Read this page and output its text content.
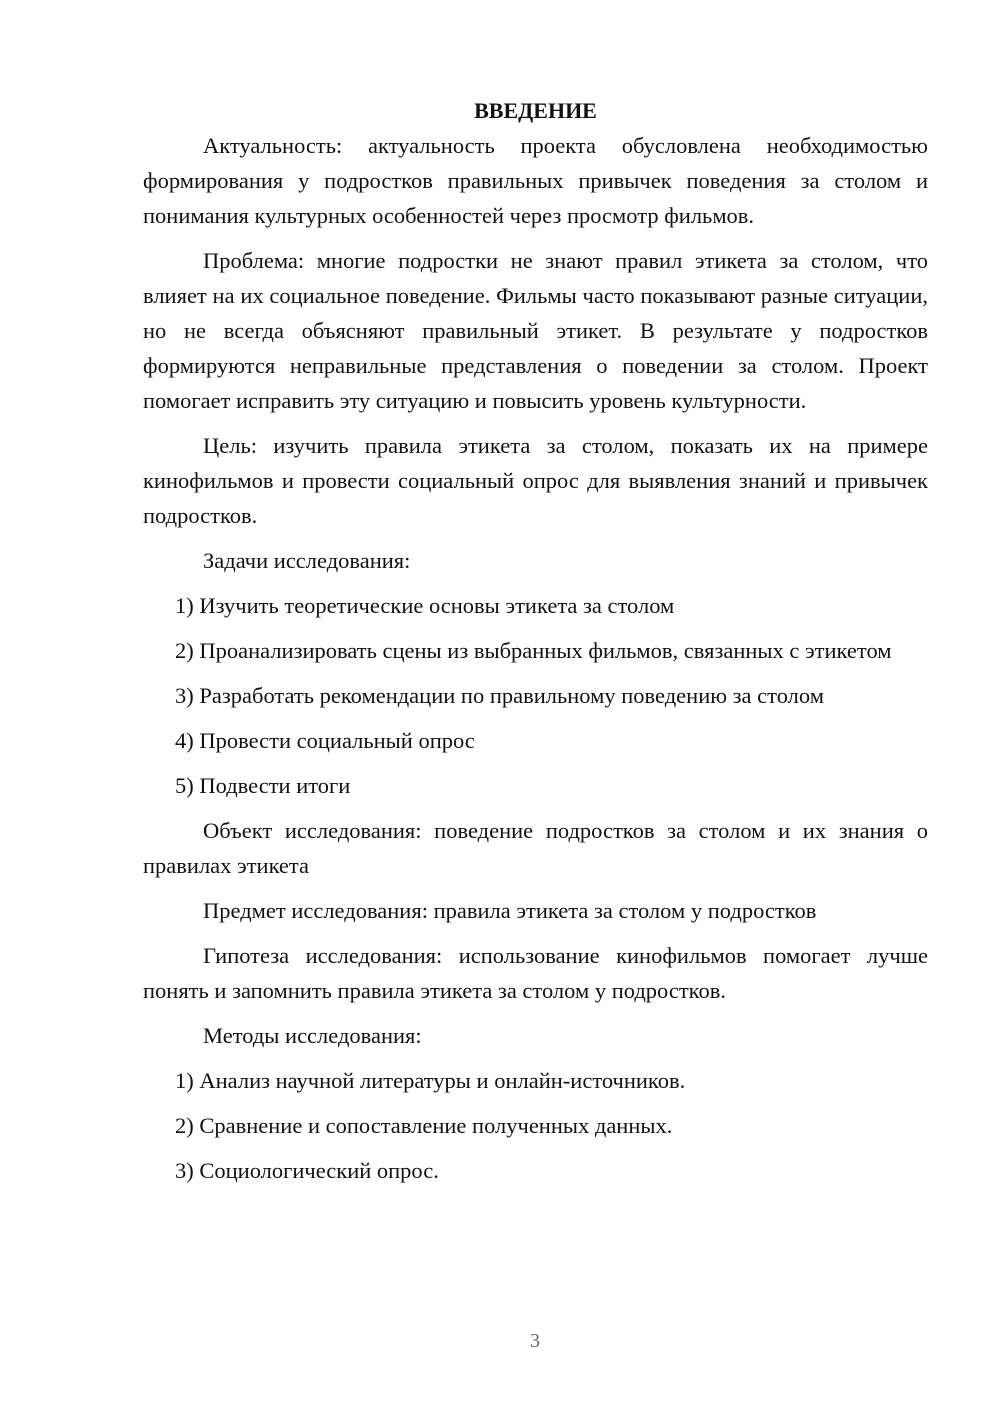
ВВЕДЕНИЕ

Актуальность: актуальность проекта обусловлена необходимостью формирования у подростков правильных привычек поведения за столом и понимания культурных особенностей через просмотр фильмов.

Проблема: многие подростки не знают правил этикета за столом, что влияет на их социальное поведение. Фильмы часто показывают разные ситуации, но не всегда объясняют правильный этикет. В результате у подростков формируются неправильные представления о поведении за столом. Проект помогает исправить эту ситуацию и повысить уровень культурности.

Цель: изучить правила этикета за столом, показать их на примере кинофильмов и провести социальный опрос для выявления знаний и привычек подростков.

Задачи исследования:

1) Изучить теоретические основы этикета за столом

2) Проанализировать сцены из выбранных фильмов, связанных с этикетом

3) Разработать рекомендации по правильному поведению за столом

4) Провести социальный опрос

5) Подвести итоги

Объект исследования: поведение подростков за столом и их знания о правилах этикета

Предмет исследования: правила этикета за столом у подростков

Гипотеза исследования: использование кинофильмов помогает лучше понять и запомнить правила этикета за столом у подростков.

Методы исследования:

1) Анализ научной литературы и онлайн-источников.

2) Сравнение и сопоставление полученных данных.

3) Социологический опрос.

3
